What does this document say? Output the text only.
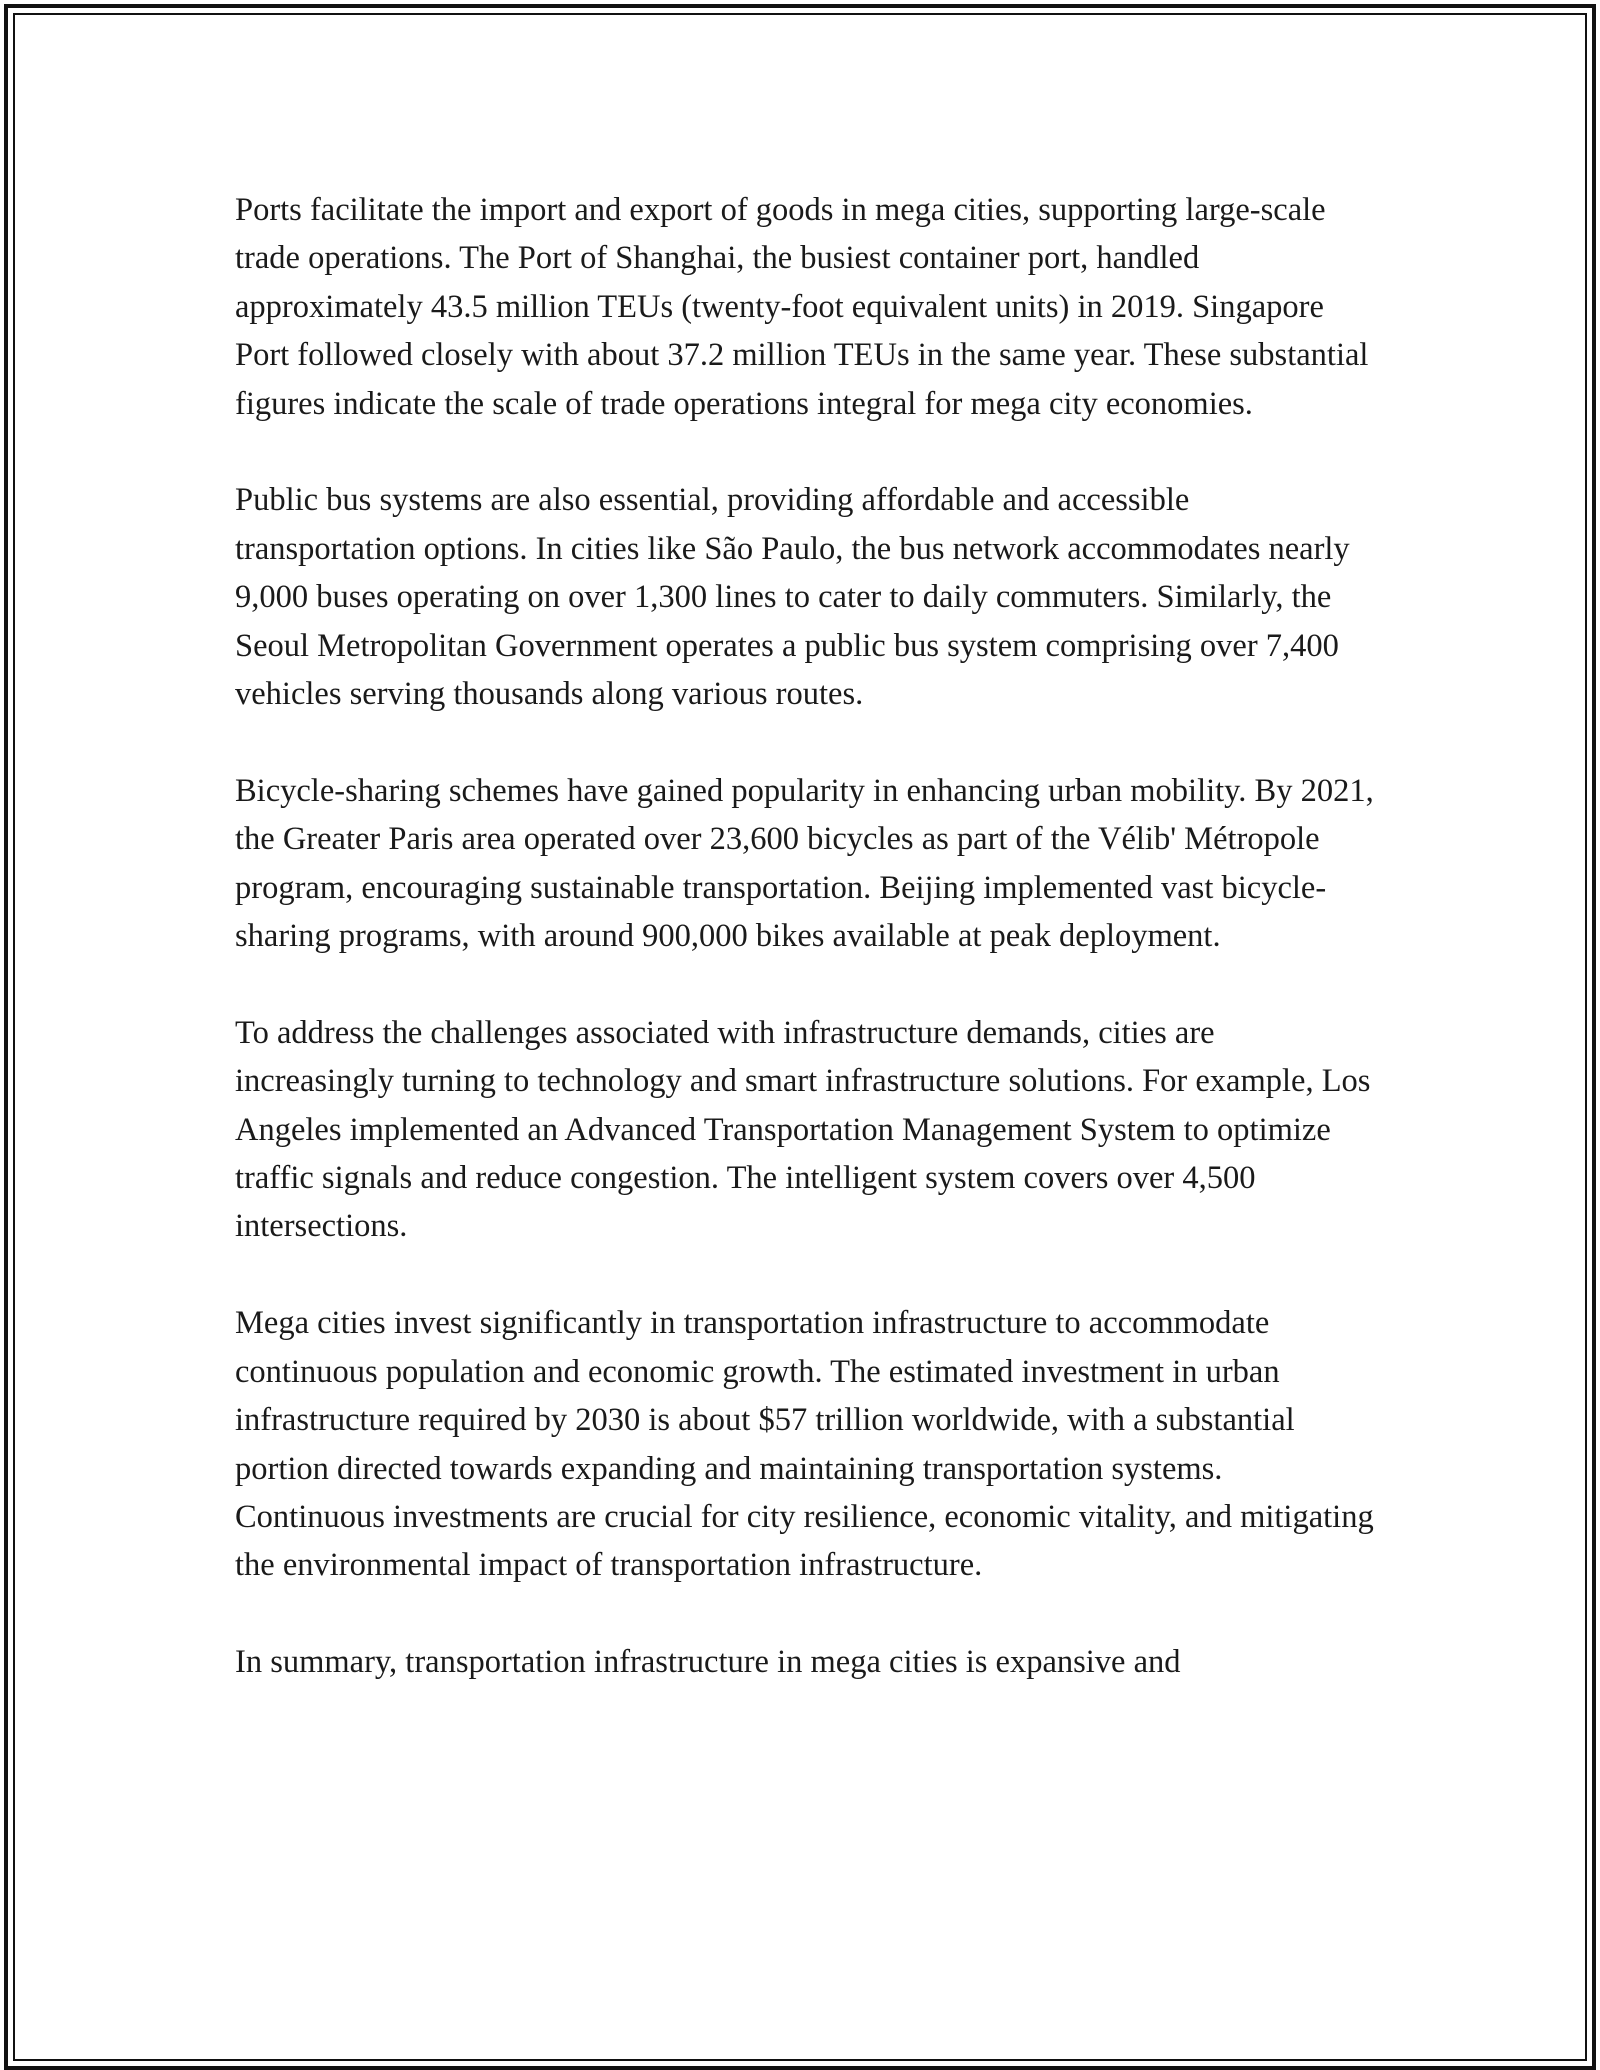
Ports facilitate the import and export of goods in mega cities, supporting large-scale trade operations. The Port of Shanghai, the busiest container port, handled approximately 43.5 million TEUs (twenty-foot equivalent units) in 2019. Singapore Port followed closely with about 37.2 million TEUs in the same year. These substantial figures indicate the scale of trade operations integral for mega city economies.

Public bus systems are also essential, providing affordable and accessible transportation options. In cities like São Paulo, the bus network accommodates nearly 9,000 buses operating on over 1,300 lines to cater to daily commuters. Similarly, the Seoul Metropolitan Government operates a public bus system comprising over 7,400 vehicles serving thousands along various routes.

Bicycle-sharing schemes have gained popularity in enhancing urban mobility. By 2021, the Greater Paris area operated over 23,600 bicycles as part of the Vélib' Métropole program, encouraging sustainable transportation. Beijing implemented vast bicycle-sharing programs, with around 900,000 bikes available at peak deployment.

To address the challenges associated with infrastructure demands, cities are increasingly turning to technology and smart infrastructure solutions. For example, Los Angeles implemented an Advanced Transportation Management System to optimize traffic signals and reduce congestion. The intelligent system covers over 4,500 intersections.

Mega cities invest significantly in transportation infrastructure to accommodate continuous population and economic growth. The estimated investment in urban infrastructure required by 2030 is about $57 trillion worldwide, with a substantial portion directed towards expanding and maintaining transportation systems. Continuous investments are crucial for city resilience, economic vitality, and mitigating the environmental impact of transportation infrastructure.

In summary, transportation infrastructure in mega cities is expansive and
